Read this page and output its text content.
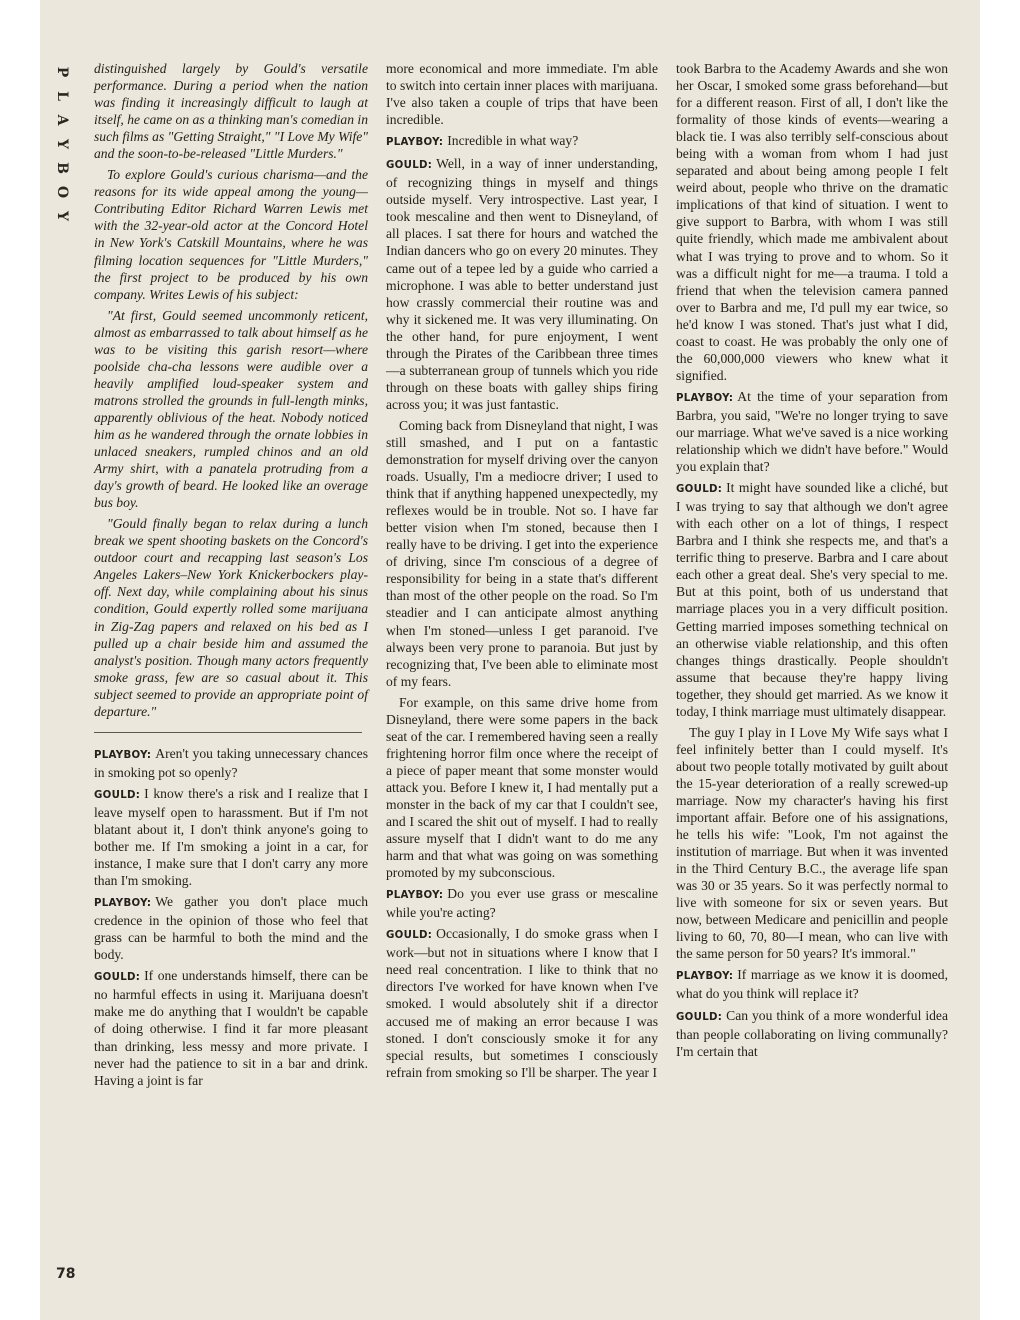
P
L
A
Y
B
O
Y
78

distinguished largely by Gould's versatile performance. During a period when the nation was finding it increasingly difficult to laugh at itself, he came on as a thinking man's comedian in such films as "Getting Straight," "I Love My Wife" and the soon-to-be-released "Little Murders."

To explore Gould's curious charisma—and the reasons for its wide appeal among the young—Contributing Editor Richard Warren Lewis met with the 32-year-old actor at the Concord Hotel in New York's Catskill Mountains, where he was filming location sequences for "Little Murders," the first project to be produced by his own company. Writes Lewis of his subject:

"At first, Gould seemed uncommonly reticent, almost as embarrassed to talk about himself as he was to be visiting this garish resort—where poolside cha-cha lessons were audible over a heavily amplified loud-speaker system and matrons strolled the grounds in full-length minks, apparently oblivious of the heat. Nobody noticed him as he wandered through the ornate lobbies in unlaced sneakers, rumpled chinos and an old Army shirt, with a panatela protruding from a day's growth of beard. He looked like an overage bus boy.

"Gould finally began to relax during a lunch break we spent shooting baskets on the Concord's outdoor court and recapping last season's Los Angeles Lakers–New York Knickerbockers play-off. Next day, while complaining about his sinus condition, Gould expertly rolled some marijuana in Zig-Zag papers and relaxed on his bed as I pulled up a chair beside him and assumed the analyst's position. Though many actors frequently smoke grass, few are so casual about it. This subject seemed to provide an appropriate point of departure."

PLAYBOY : Aren't you taking unnecessary chances in smoking pot so openly?

GOULD : I know there's a risk and I realize that I leave myself open to harassment. But if I'm not blatant about it, I don't think anyone's going to bother me. If I'm smoking a joint in a car, for instance, I make sure that I don't carry any more than I'm smoking.

PLAYBOY : We gather you don't place much credence in the opinion of those who feel that grass can be harmful to both the mind and the body.

GOULD : If one understands himself, there can be no harmful effects in using it. Marijuana doesn't make me do anything that I wouldn't be capable of doing otherwise. I find it far more pleasant than drinking, less messy and more private. I never had the patience to sit in a bar and drink. Having a joint is far

more economical and more immediate. I'm able to switch into certain inner places with marijuana. I've also taken a couple of trips that have been incredible.

PLAYBOY : Incredible in what way?

GOULD : Well, in a way of inner understanding, of recognizing things in myself and things outside myself. Very introspective. Last year, I took mescaline and then went to Disneyland, of all places. I sat there for hours and watched the Indian dancers who go on every 20 minutes. They came out of a tepee led by a guide who carried a microphone. I was able to better understand just how crassly commercial their routine was and why it sickened me. It was very illuminating. On the other hand, for pure enjoyment, I went through the Pirates of the Caribbean three times—a subterranean group of tunnels which you ride through on these boats with galley ships firing across you; it was just fantastic.

Coming back from Disneyland that night, I was still smashed, and I put on a fantastic demonstration for myself driving over the canyon roads. Usually, I'm a mediocre driver; I used to think that if anything happened unexpectedly, my reflexes would be in trouble. Not so. I have far better vision when I'm stoned, because then I really have to be driving. I get into the experience of driving, since I'm conscious of a degree of responsibility for being in a state that's different than most of the other people on the road. So I'm steadier and I can anticipate almost anything when I'm stoned—unless I get paranoid. I've always been very prone to paranoia. But just by recognizing that, I've been able to eliminate most of my fears.

For example, on this same drive home from Disneyland, there were some papers in the back seat of the car. I remembered having seen a really frightening horror film once where the receipt of a piece of paper meant that some monster would attack you. Before I knew it, I had mentally put a monster in the back of my car that I couldn't see, and I scared the shit out of myself. I had to really assure myself that I didn't want to do me any harm and that what was going on was something promoted by my subconscious.

PLAYBOY : Do you ever use grass or mescaline while you're acting?

GOULD : Occasionally, I do smoke grass when I work—but not in situations where I know that I need real concentration. I like to think that no directors I've worked for have known when I've smoked. I would absolutely shit if a director accused me of making an error because I was stoned. I don't consciously smoke it for any special results, but sometimes I consciously refrain from smoking so I'll be sharper. The year I

took Barbra to the Academy Awards and she won her Oscar, I smoked some grass beforehand—but for a different reason. First of all, I don't like the formality of those kinds of events—wearing a black tie. I was also terribly self-conscious about being with a woman from whom I had just separated and about being among people I felt weird about, people who thrive on the dramatic implications of that kind of situation. I went to give support to Barbra, with whom I was still quite friendly, which made me ambivalent about what I was trying to prove and to whom. So it was a difficult night for me—a trauma. I told a friend that when the television camera panned over to Barbra and me, I'd pull my ear twice, so he'd know I was stoned. That's just what I did, coast to coast. He was probably the only one of the 60,000,000 viewers who knew what it signified.

PLAYBOY : At the time of your separation from Barbra, you said, "We're no longer trying to save our marriage. What we've saved is a nice working relationship which we didn't have before." Would you explain that?

GOULD : It might have sounded like a cliché, but I was trying to say that although we don't agree with each other on a lot of things, I respect Barbra and I think she respects me, and that's a terrific thing to preserve. Barbra and I care about each other a great deal. She's very special to me. But at this point, both of us understand that marriage places you in a very difficult position. Getting married imposes something technical on an otherwise viable relationship, and this often changes things drastically. People shouldn't assume that because they're happy living together, they should get married. As we know it today, I think marriage must ultimately disappear.

The guy I play in I Love My Wife says what I feel infinitely better than I could myself. It's about two people totally motivated by guilt about the 15-year deterioration of a really screwed-up marriage. Now my character's having his first important affair. Before one of his assignations, he tells his wife: "Look, I'm not against the institution of marriage. But when it was invented in the Third Century B.C., the average life span was 30 or 35 years. So it was perfectly normal to live with someone for six or seven years. But now, between Medicare and penicillin and people living to 60, 70, 80—I mean, who can live with the same person for 50 years? It's immoral."

PLAYBOY : If marriage as we know it is doomed, what do you think will replace it?

GOULD : Can you think of a more wonderful idea than people collaborating on living communally? I'm certain that
